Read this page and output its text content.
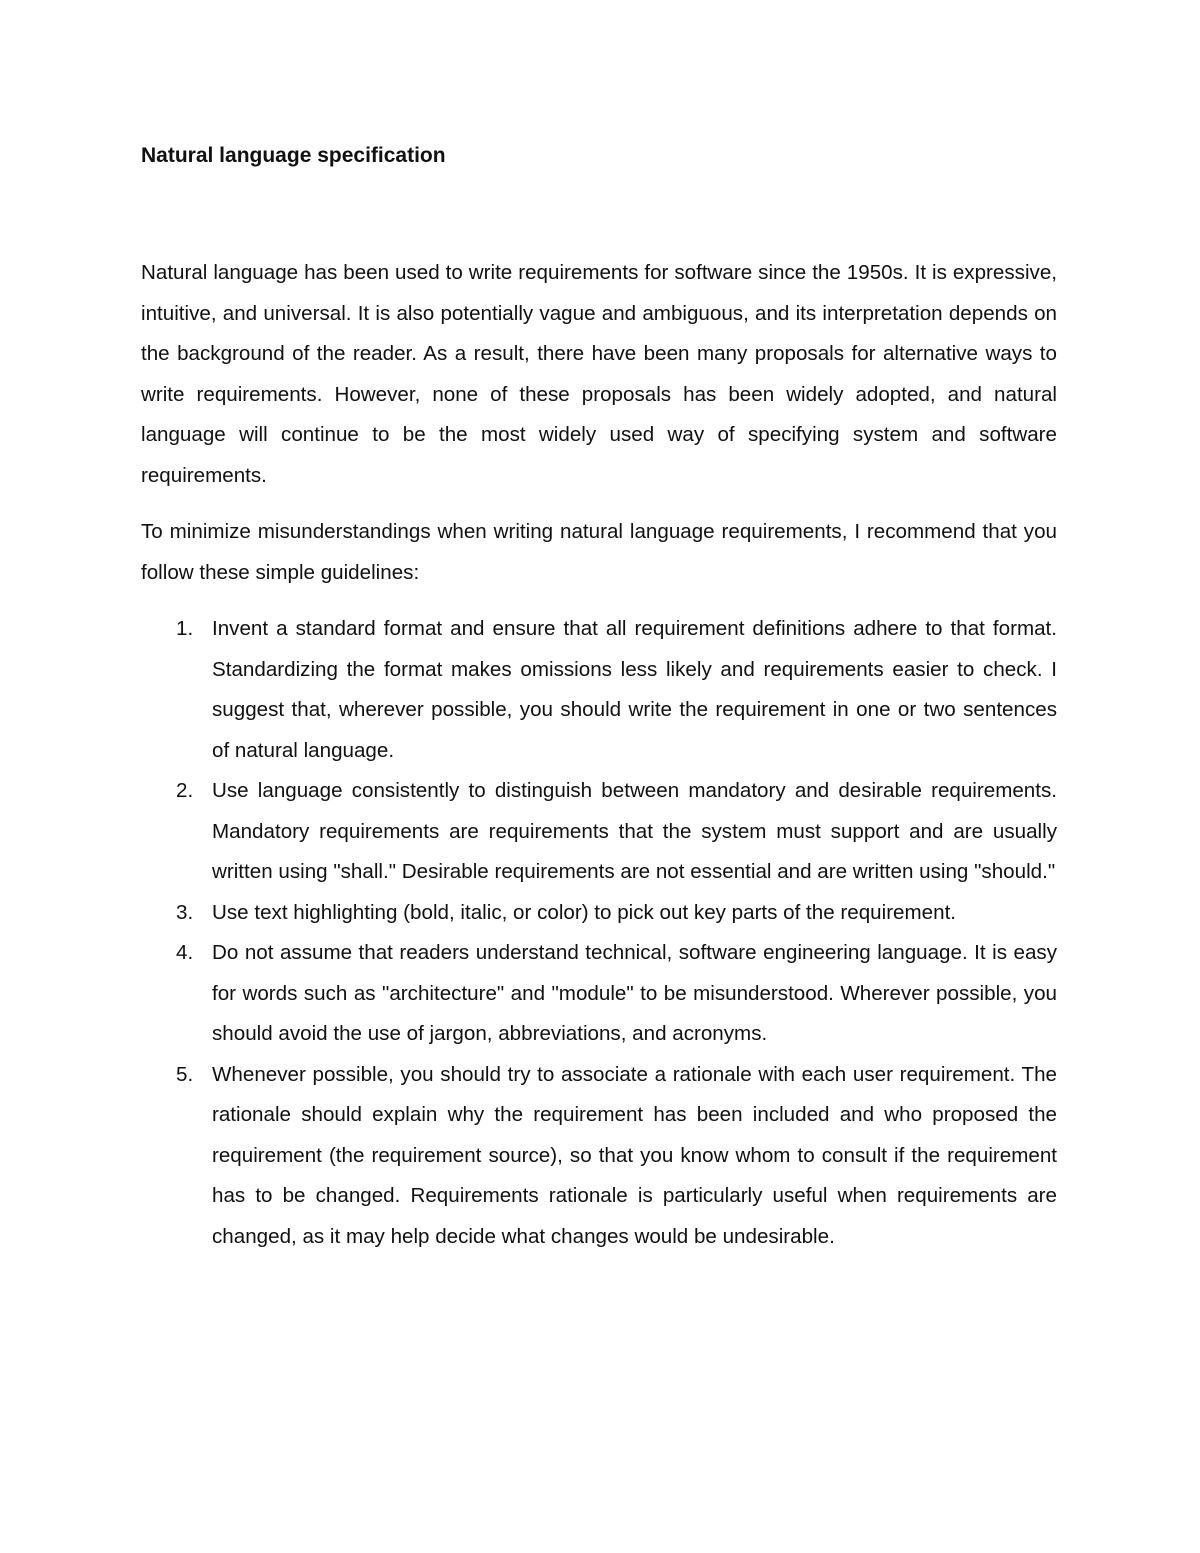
Natural language specification

Natural language has been used to write requirements for software since the 1950s. It is expressive, intuitive, and universal. It is also potentially vague and ambiguous, and its interpretation depends on the background of the reader. As a result, there have been many proposals for alternative ways to write requirements. However, none of these proposals has been widely adopted, and natural language will continue to be the most widely used way of specifying system and software requirements.

To minimize misunderstandings when writing natural language requirements, I recommend that you follow these simple guidelines:

1. Invent a standard format and ensure that all requirement definitions adhere to that format. Standardizing the format makes omissions less likely and requirements easier to check. I suggest that, wherever possible, you should write the requirement in one or two sentences of natural language.
2. Use language consistently to distinguish between mandatory and desirable requirements. Mandatory requirements are requirements that the system must support and are usually written using "shall." Desirable requirements are not essential and are written using "should."
3. Use text highlighting (bold, italic, or color) to pick out key parts of the requirement.
4. Do not assume that readers understand technical, software engineering language. It is easy for words such as "architecture" and "module" to be misunderstood. Wherever possible, you should avoid the use of jargon, abbreviations, and acronyms.
5. Whenever possible, you should try to associate a rationale with each user requirement. The rationale should explain why the requirement has been included and who proposed the requirement (the requirement source), so that you know whom to consult if the requirement has to be changed. Requirements rationale is particularly useful when requirements are changed, as it may help decide what changes would be undesirable.
